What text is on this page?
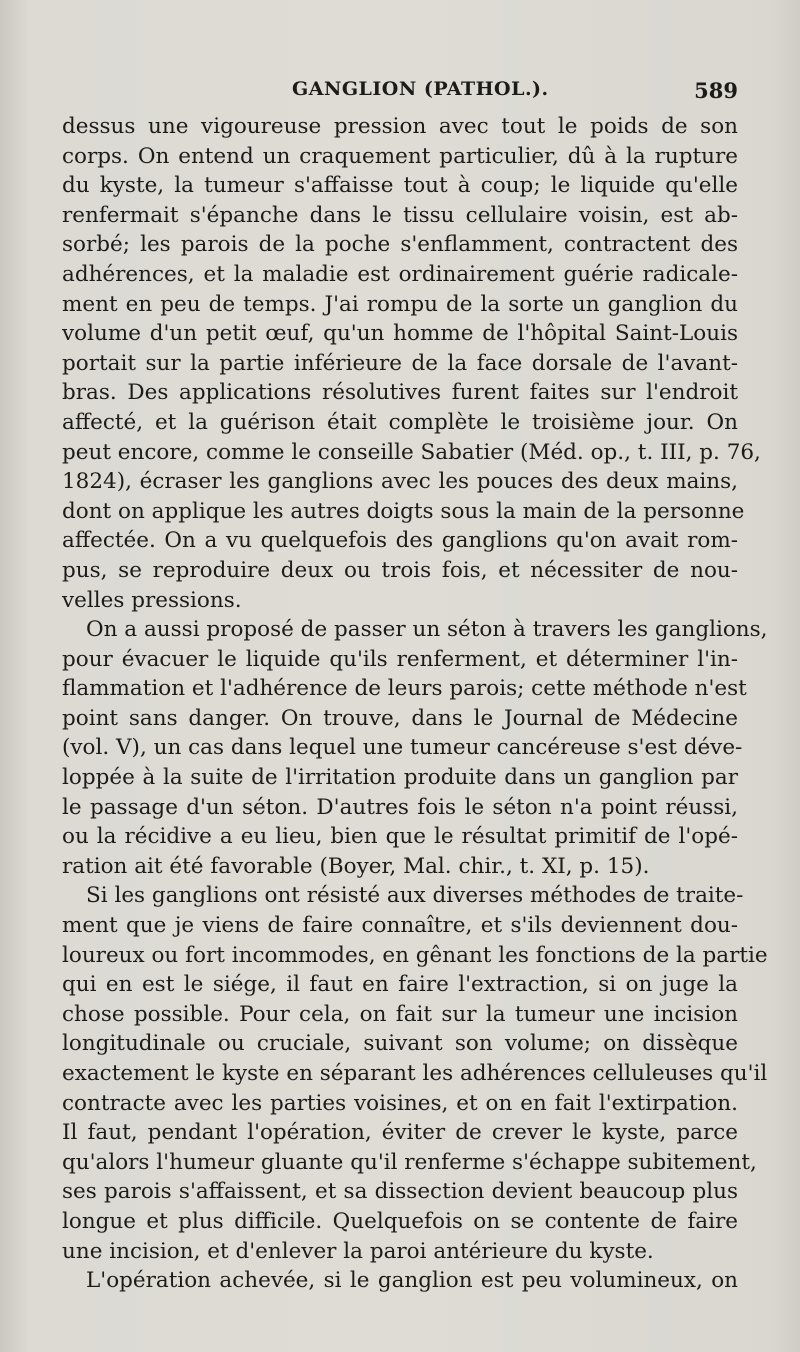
GANGLION (PATHOL.).	589
dessus une vigoureuse pression avec tout le poids de son
corps. On entend un craquement particulier, dû à la rupture
du kyste, la tumeur s'affaisse tout à coup; le liquide qu'elle
renfermait s'épanche dans le tissu cellulaire voisin, est ab-
sorbé; les parois de la poche s'enflamment, contractent des
adhérences, et la maladie est ordinairement guérie radicale-
ment en peu de temps. J'ai rompu de la sorte un ganglion du
volume d'un petit œuf, qu'un homme de l'hôpital Saint-Louis
portait sur la partie inférieure de la face dorsale de l'avant-
bras. Des applications résolutives furent faites sur l'endroit
affecté, et la guérison était complète le troisième jour. On
peut encore, comme le conseille Sabatier (Méd. op., t. III, p. 76,
1824), écraser les ganglions avec les pouces des deux mains,
dont on applique les autres doigts sous la main de la personne
affectée. On a vu quelquefois des ganglions qu'on avait rom-
pus, se reproduire deux ou trois fois, et nécessiter de nou-
velles pressions.
On a aussi proposé de passer un séton à travers les ganglions,
pour évacuer le liquide qu'ils renferment, et déterminer l'in-
flammation et l'adhérence de leurs parois; cette méthode n'est
point sans danger. On trouve, dans le Journal de Médecine
(vol. V), un cas dans lequel une tumeur cancéreuse s'est déve-
loppée à la suite de l'irritation produite dans un ganglion par
le passage d'un séton. D'autres fois le séton n'a point réussi,
ou la récidive a eu lieu, bien que le résultat primitif de l'opé-
ration ait été favorable (Boyer, Mal. chir., t. XI, p. 15).
Si les ganglions ont résisté aux diverses méthodes de traite-
ment que je viens de faire connaître, et s'ils deviennent dou-
loureux ou fort incommodes, en gênant les fonctions de la partie
qui en est le siége, il faut en faire l'extraction, si on juge la
chose possible. Pour cela, on fait sur la tumeur une incision
longitudinale ou cruciale, suivant son volume; on dissèque
exactement le kyste en séparant les adhérences celluleuses qu'il
contracte avec les parties voisines, et on en fait l'extirpation.
Il faut, pendant l'opération, éviter de crever le kyste, parce
qu'alors l'humeur gluante qu'il renferme s'échappe subitement,
ses parois s'affaissent, et sa dissection devient beaucoup plus
longue et plus difficile. Quelquefois on se contente de faire
une incision, et d'enlever la paroi antérieure du kyste.
L'opération achevée, si le ganglion est peu volumineux, on
